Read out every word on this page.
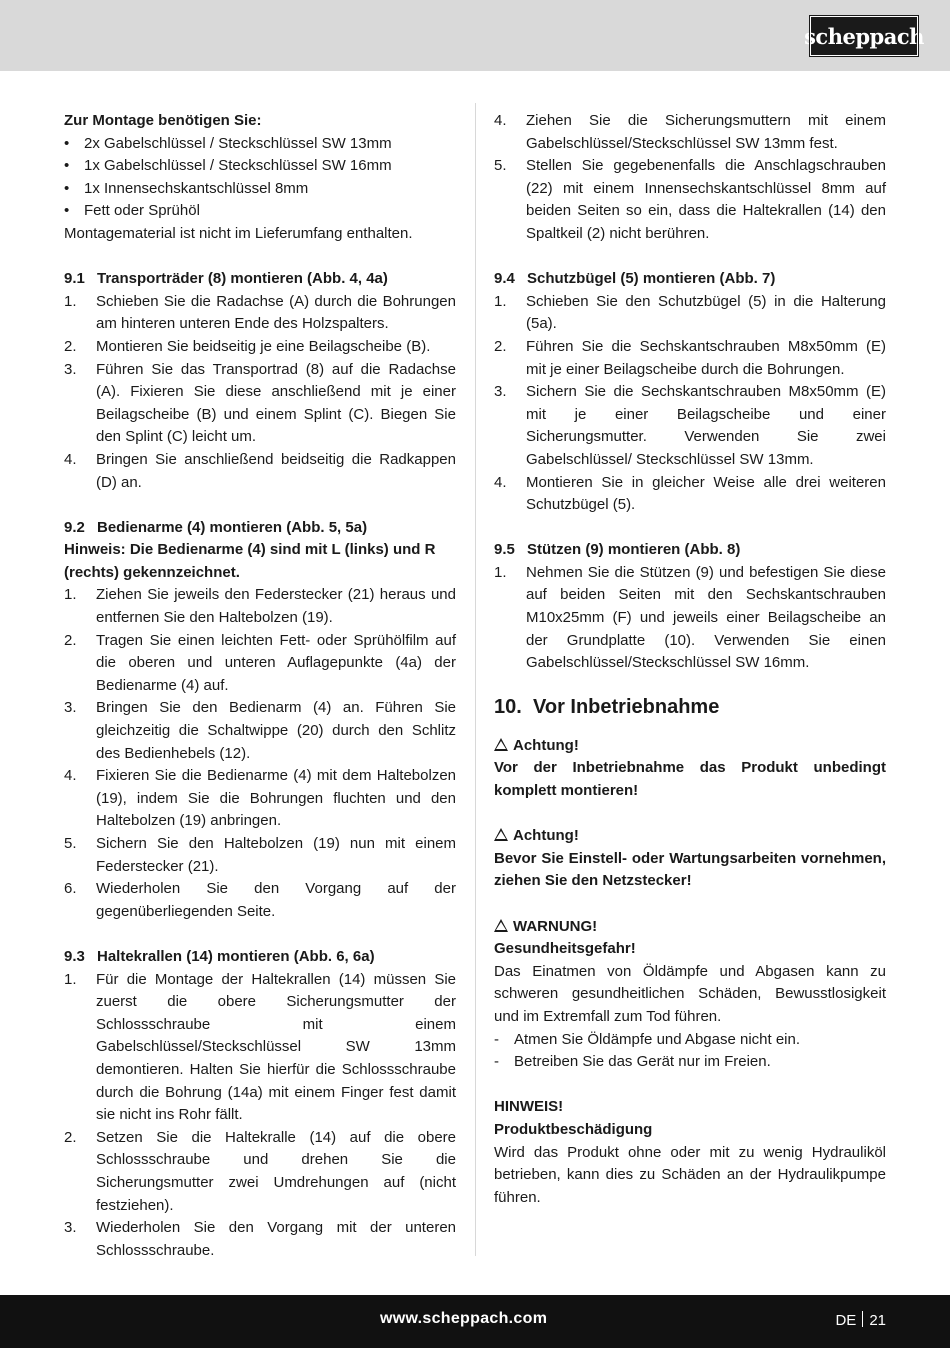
scheppach

Zur Montage benötigen Sie:

• 2x Gabelschlüssel / Steckschlüssel SW 13mm
• 1x Gabelschlüssel / Steckschlüssel SW 16mm
• 1x Innensechskantschlüssel 8mm
• Fett oder Sprühöl

Montagematerial ist nicht im Lieferumfang enthalten.

9.1 Transporträder (8) montieren (Abb. 4, 4a)

1. Schieben Sie die Radachse (A) durch die Bohrungen am hinteren unteren Ende des Holzspalters.
2. Montieren Sie beidseitig je eine Beilagscheibe (B).
3. Führen Sie das Transportrad (8) auf die Radachse (A). Fixieren Sie diese anschließend mit je einer Beilagscheibe (B) und einem Splint (C). Biegen Sie den Splint (C) leicht um.
4. Bringen Sie anschließend beidseitig die Radkappen (D) an.

9.2 Bedienarme (4) montieren (Abb. 5, 5a)

Hinweis: Die Bedienarme (4) sind mit L (links) und R (rechts) gekennzeichnet.

1. Ziehen Sie jeweils den Federstecker (21) heraus und entfernen Sie den Haltebolzen (19).
2. Tragen Sie einen leichten Fett- oder Sprühölfilm auf die oberen und unteren Auflagepunkte (4a) der Bedienarme (4) auf.
3. Bringen Sie den Bedienarm (4) an. Führen Sie gleichzeitig die Schaltwippe (20) durch den Schlitz des Bedienhebels (12).
4. Fixieren Sie die Bedienarme (4) mit dem Haltebolzen (19), indem Sie die Bohrungen fluchten und den Haltebolzen (19) anbringen.
5. Sichern Sie den Haltebolzen (19) nun mit einem Federstecker (21).
6. Wiederholen Sie den Vorgang auf der gegenüberliegenden Seite.

9.3 Haltekrallen (14) montieren (Abb. 6, 6a)

1. Für die Montage der Haltekrallen (14) müssen Sie zuerst die obere Sicherungsmutter der Schlossschraube mit einem Gabelschlüssel/Steckschlüssel SW 13mm demontieren. Halten Sie hierfür die Schlossschraube durch die Bohrung (14a) mit einem Finger fest damit sie nicht ins Rohr fällt.
2. Setzen Sie die Haltekralle (14) auf die obere Schlossschraube und drehen Sie die Sicherungsmutter zwei Umdrehungen auf (nicht festziehen).
3. Wiederholen Sie den Vorgang mit der unteren Schlossschraube.
4. Ziehen Sie die Sicherungsmuttern mit einem Gabelschlüssel/Steckschlüssel SW 13mm fest.
5. Stellen Sie gegebenenfalls die Anschlagschrauben (22) mit einem Innensechskantschlüssel 8mm auf beiden Seiten so ein, dass die Haltekrallen (14) den Spaltkeil (2) nicht berühren.

9.4 Schutzbügel (5) montieren (Abb. 7)

1. Schieben Sie den Schutzbügel (5) in die Halterung (5a).
2. Führen Sie die Sechskantschrauben M8x50mm (E) mit je einer Beilagscheibe durch die Bohrungen.
3. Sichern Sie die Sechskantschrauben M8x50mm (E) mit je einer Beilagscheibe und einer Sicherungsmutter. Verwenden Sie zwei Gabelschlüssel/ Steckschlüssel SW 13mm.
4. Montieren Sie in gleicher Weise alle drei weiteren Schutzbügel (5).

9.5 Stützen (9) montieren (Abb. 8)

1. Nehmen Sie die Stützen (9) und befestigen Sie diese auf beiden Seiten mit den Sechskantschrauben M10x25mm (F) und jeweils einer Beilagscheibe an der Grundplatte (10). Verwenden Sie einen Gabelschlüssel/Steckschlüssel SW 16mm.
10. Vor Inbetriebnahme

Achtung!

Vor der Inbetriebnahme das Produkt unbedingt komplett montieren!

Achtung!

Bevor Sie Einstell- oder Wartungsarbeiten vornehmen, ziehen Sie den Netzstecker!

WARNUNG!

Gesundheitsgefahr!

Das Einatmen von Öldämpfe und Abgasen kann zu schweren gesundheitlichen Schäden, Bewusstlosigkeit und im Extremfall zum Tod führen.

- Atmen Sie Öldämpfe und Abgase nicht ein.
- Betreiben Sie das Gerät nur im Freien.

HINWEIS!

Produktbeschädigung

Wird das Produkt ohne oder mit zu wenig Hydrauliköl betrieben, kann dies zu Schäden an der Hydraulikpumpe führen.

www.scheppach.com	DE 21
